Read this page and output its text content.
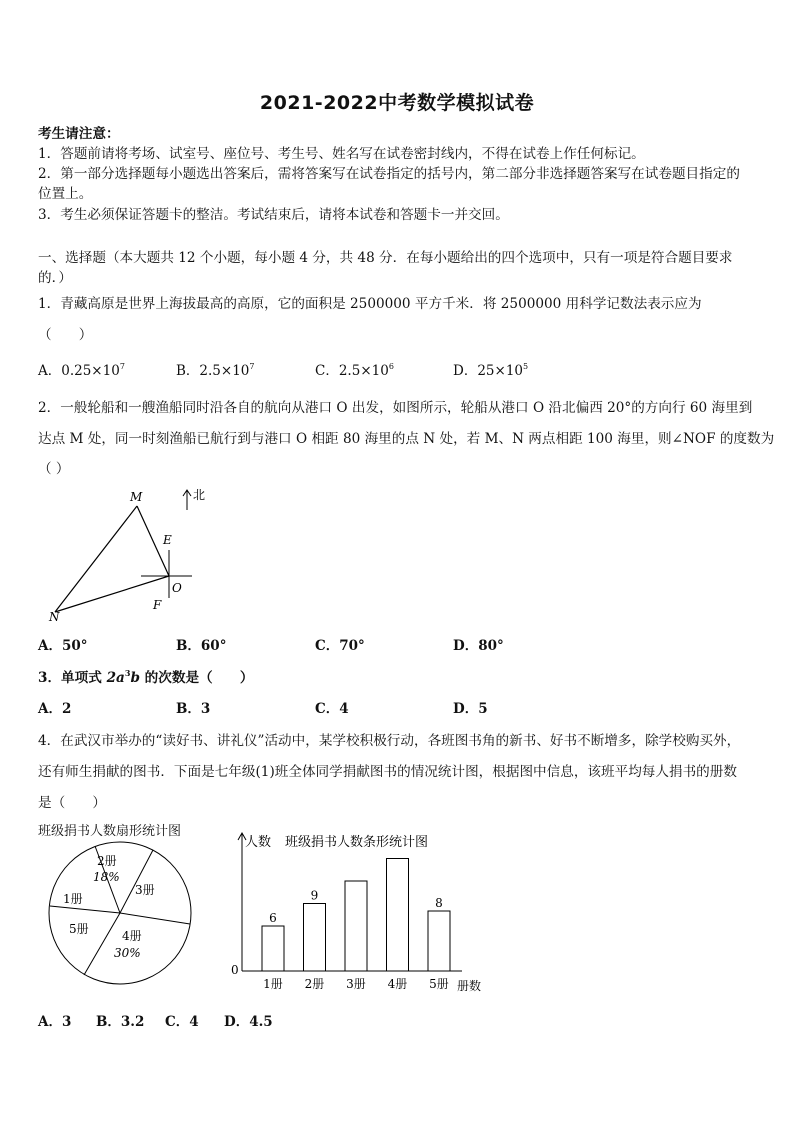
2021-2022中考数学模拟试卷
考生请注意：
1．答题前请将考场、试室号、座位号、考生号、姓名写在试卷密封线内，不得在试卷上作任何标记。
2．第一部分选择题每小题选出答案后，需将答案写在试卷指定的括号内，第二部分非选择题答案写在试卷题目指定的
位置上。
3．考生必须保证答题卡的整洁。考试结束后，请将本试卷和答题卡一并交回。
一、选择题（本大题共 12 个小题，每小题 4 分，共 48 分．在每小题给出的四个选项中，只有一项是符合题目要求
的．）
1．青藏高原是世界上海拔最高的高原，它的面积是 2500000 平方千米．将 2500000 用科学记数法表示应为
（　　）
A．$0.25\times 10^7$	B．$2.5\times 10^7$	C．$2.5\times 10^6$	D．$25\times 10^5$
2．一般轮船和一艘渔船同时沿各自的航向从港口 O 出发，如图所示，轮船从港口 O 沿北偏西 20°的方向行 60 海里到
达点 M 处，同一时刻渔船已航行到与港口 O 相距 80 海里的点 N 处，若 M、N 两点相距 100 海里，则∠NOF 的度数为
（ ）
北
M
N
O
E
F
A．50°	B．60°	C．70°	D．80°
3．单项式 $2a^3b$ 的次数是（　　）
A．2	B．3	C．4	D．5
4．在武汉市举办的“读好书、讲礼仪”活动中，某学校积极行动，各班图书角的新书、好书不断增多，除学校购买外，
还有师生捐献的图书．下面是七年级(1)班全体同学捐献图书的情况统计图，根据图中信息，该班平均每人捐书的册数
是（　　）
班级捐书人数扇形统计图
2册
18%
3册
4册
30%
5册
1册
人数 班级捐书人数条形统计图
0
册数
1册
6
2册
9
3册 4册 5册
8
A．3 B．3.2 C．4 D．4.5
